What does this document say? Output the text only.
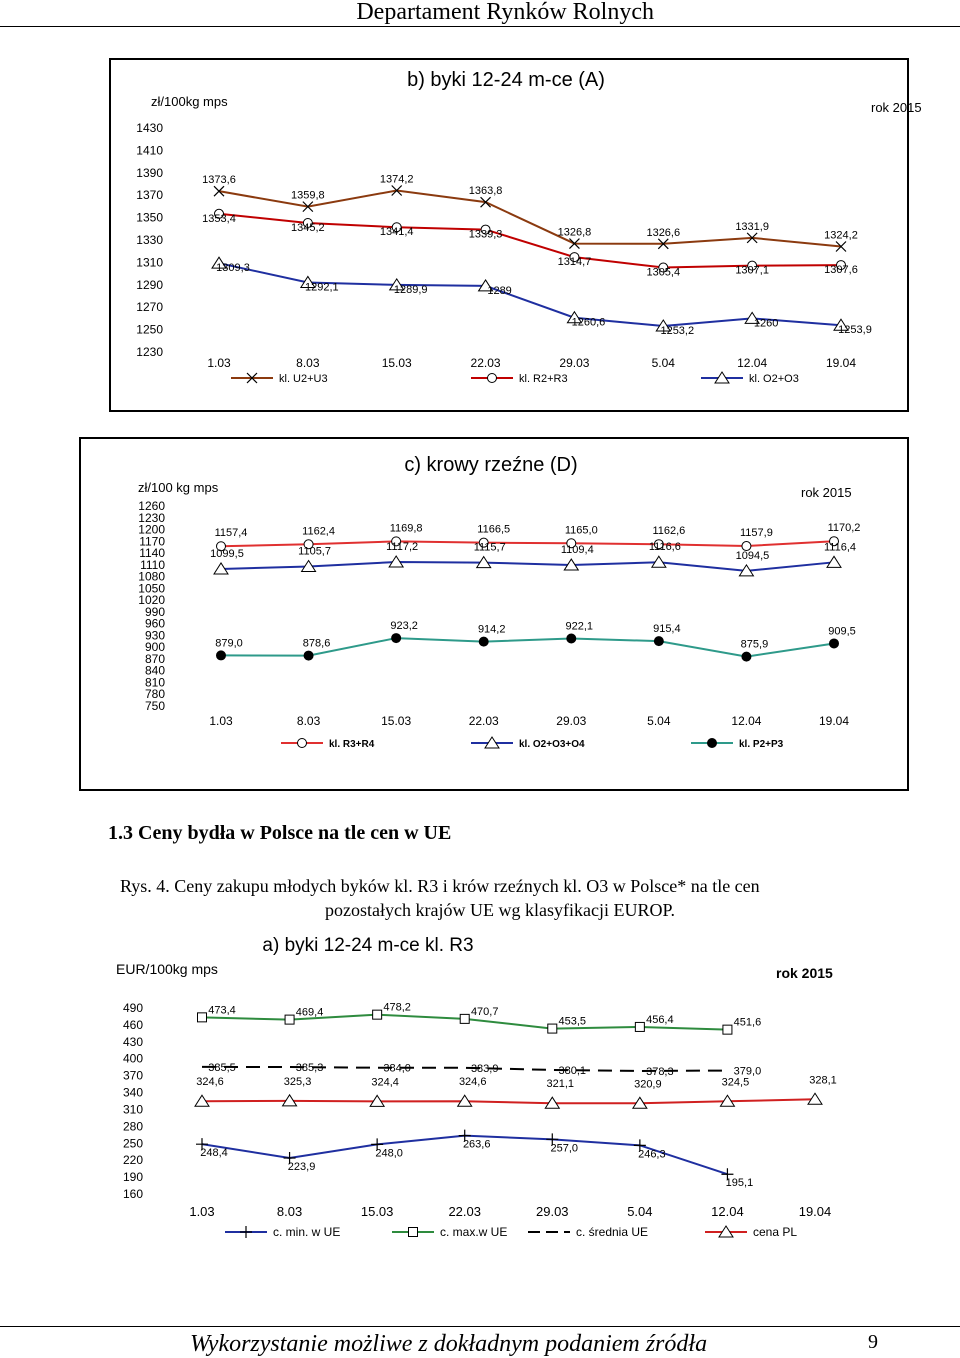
Departament Rynków Rolnych
b) byki 12-24 m-ce (A)
zł/100kg mps	rok 2015
1230
1250
1270
1290
1310
1330
1350
1370
1390
1410
1430
1.03	8.03	15.03	22.03	29.03	5.04	12.04	19.04
1373,6
1359,8
1374,2
1363,8
1326,8	1326,6	1331,9
1324,2
1353,4
1345,2	1341,4	1339,3
1314,7
1305,4	1307,1	1307,6
1309,3
1292,1	1289,9	1289
1260,6
1253,2
1260
1253,9
kl. U2+U3	kl. R2+R3	kl. O2+O3
c) krowy rzeźne (D)
zł/100 kg mps	rok 2015
750
780
810
840
870
900
930
960
990
1020
1050
1080
1110
1140
1170
1200
1230
1260
1.03	8.03	15.03	22.03	29.03	5.04	12.04	19.04
1157,4	1162,4	1169,8	1166,5	1165,0	1162,6	1157,9	1170,2
1099,5	1105,7	1117,2	1115,7	1109,4	1116,6
1094,5
1116,4
879,0	878,6
923,2	914,2	922,1	915,4
875,9
909,5
kl. R3+R4	kl. O2+O3+O4	kl. P2+P3
1.3 Ceny bydła w Polsce na tle cen w UE
Rys. 4. Ceny zakupu młodych byków kl. R3 i krów rzeźnych kl. O3 w Polsce* na tle cen
pozostałych krajów UE wg klasyfikacji EUROP.
a) byki 12-24 m-ce kl. R3
EUR/100kg mps	rok 2015
160
190
220
250
280
310
340
370
400
430
460
490
1.03	8.03	15.03	22.03	29.03	5.04	12.04	19.04
248,4
223,9
248,0
263,6	257,0
246,3
195,1
473,4	469,4	478,2	470,7
453,5	456,4	451,6
385,5	385,3	384,0	383,9	380,1	378,3	379,0
324,6	325,3	324,4	324,6	321,1	320,9	324,5	328,1
c. min. w UE	c. max.w UE	c. średnia UE	cena PL
Wykorzystanie możliwe z dokładnym podaniem źródła	9
